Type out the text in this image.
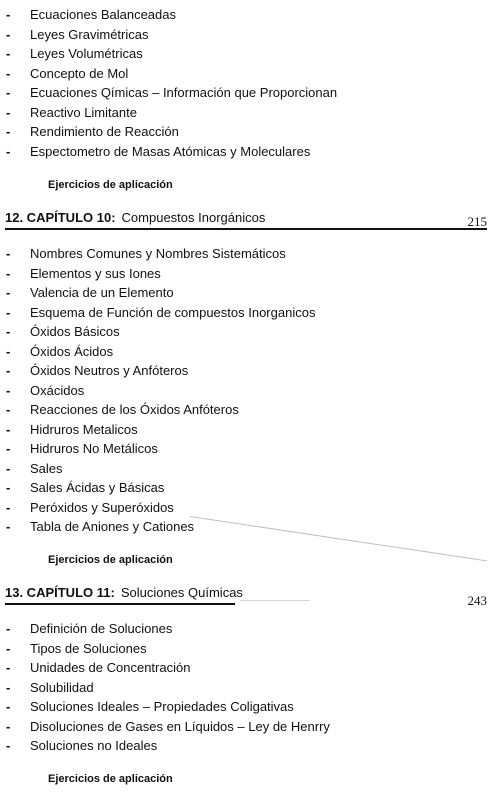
- Ecuaciones Balanceadas
- Leyes Gravimétricas
- Leyes Volumétricas
- Concepto de Mol
- Ecuaciones Qímicas – Información que Proporcionan
- Reactivo Limitante
- Rendimiento de Reacción
- Espectometro de Masas Atómicas y Moleculares
Ejercicios de aplicación
12. CAPÍTULO 10: Compuestos Inorgánicos	215
- Nombres Comunes y Nombres Sistemáticos
- Elementos y sus Iones
- Valencia de un Elemento
- Esquema de Función de compuestos Inorganicos
- Óxidos Básicos
- Óxidos Ácidos
- Óxidos Neutros y Anfóteros
- Oxácidos
- Reacciones de los Óxidos Anfóteros
- Hidruros Metalicos
- Hidruros No Metálicos
- Sales
- Sales Ácidas y Básicas
- Peróxidos y Superóxidos
- Tabla de Aniones y Cationes
Ejercicios de aplicación
13. CAPÍTULO 11: Soluciones Químicas
243
- Definición de Soluciones
- Tipos de Soluciones
- Unidades de Concentración
- Solubilidad
- Soluciones Ideales – Propiedades Coligativas
- Disoluciones de Gases en Líquidos – Ley de Henrry
- Soluciones no Ideales
Ejercicios de aplicación
